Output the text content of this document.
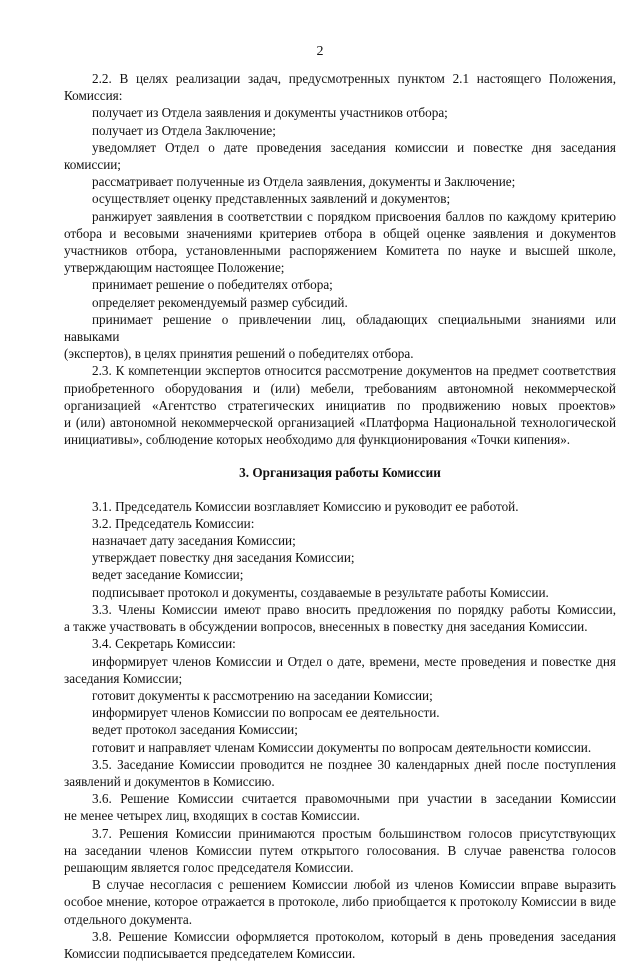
2

2.2. В целях реализации задач, предусмотренных пунктом 2.1 настоящего Положения,

Комиссия:

получает из Отдела заявления и документы участников отбора;

получает из Отдела Заключение;

уведомляет Отдел о дате проведения заседания комиссии и повестке дня заседания

комиссии;

рассматривает полученные из Отдела заявления, документы и Заключение;

осуществляет оценку представленных заявлений и документов;

ранжирует заявления в соответствии с порядком присвоения баллов по каждому критерию

отбора и весовыми значениями критериев отбора в общей оценке заявления и документов

участников отбора, установленными распоряжением Комитета по науке и высшей школе,

утверждающим настоящее Положение;

принимает решение о победителях отбора;

определяет рекомендуемый размер субсидий.

принимает решение о привлечении лиц, обладающих специальными знаниями или навыками

(экспертов), в целях принятия решений о победителях отбора.

2.3. К компетенции экспертов относится рассмотрение документов на предмет соответствия

приобретенного оборудования и (или) мебели, требованиям автономной некоммерческой

организацией «Агентство стратегических инициатив по продвижению новых проектов»

и (или) автономной некоммерческой организацией «Платформа Национальной технологической

инициативы», соблюдение которых необходимо для функционирования «Точки кипения».

3. Организация работы Комиссии

3.1. Председатель Комиссии возглавляет Комиссию и руководит ее работой.

3.2. Председатель Комиссии:

назначает дату заседания Комиссии;

утверждает повестку дня заседания Комиссии;

ведет заседание Комиссии;

подписывает протокол и документы, создаваемые в результате работы Комиссии.

3.3. Члены Комиссии имеют право вносить предложения по порядку работы Комиссии,

а также участвовать в обсуждении вопросов, внесенных в повестку дня заседания Комиссии.

3.4. Секретарь Комиссии:

информирует членов Комиссии и Отдел о дате, времени, месте проведения и повестке дня

заседания Комиссии;

готовит документы к рассмотрению на заседании Комиссии;

информирует членов Комиссии по вопросам ее деятельности.

ведет протокол заседания Комиссии;

готовит и направляет членам Комиссии документы по вопросам деятельности комиссии.

3.5. Заседание Комиссии проводится не позднее 30 календарных дней после поступления

заявлений и документов в Комиссию.

3.6. Решение Комиссии считается правомочными при участии в заседании Комиссии

не менее четырех лиц, входящих в состав Комиссии.

3.7. Решения Комиссии принимаются простым большинством голосов присутствующих

на заседании членов Комиссии путем открытого голосования. В случае равенства голосов

решающим является голос председателя Комиссии.

В случае несогласия с решением Комиссии любой из членов Комиссии вправе выразить

особое мнение, которое отражается в протоколе, либо приобщается к протоколу Комиссии в виде

отдельного документа.

3.8. Решение Комиссии оформляется протоколом, который в день проведения заседания

Комиссии подписывается председателем Комиссии.
